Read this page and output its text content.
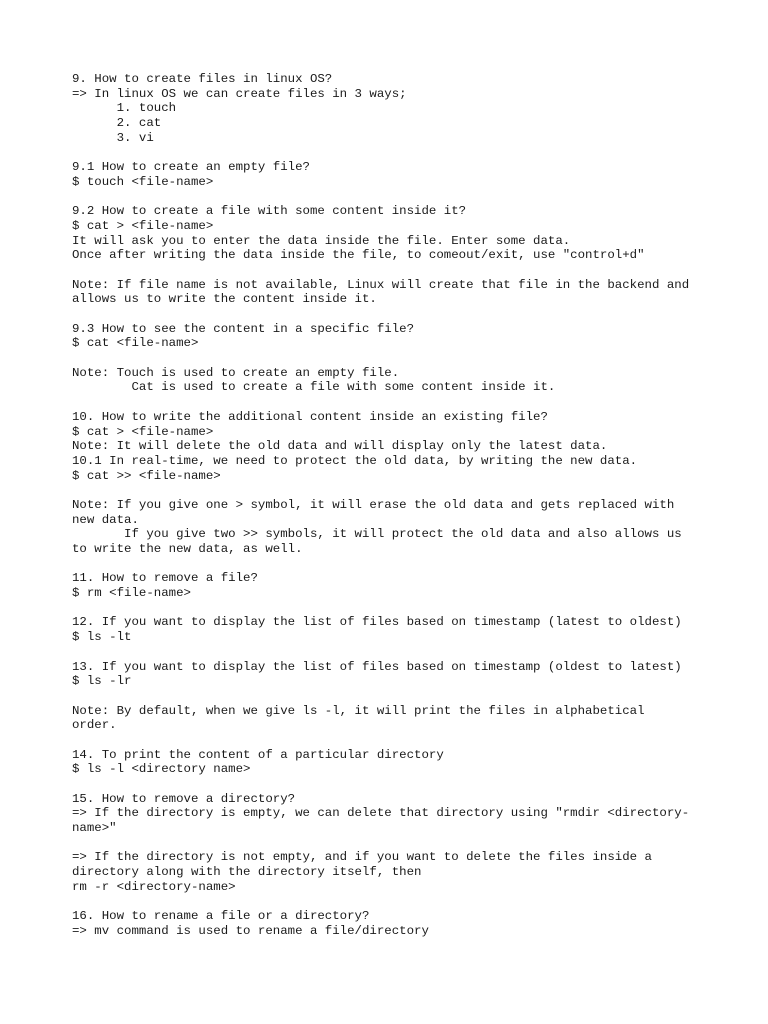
9. How to create files in linux OS?
=> In linux OS we can create files in 3 ways;
1. touch
2. cat
3. vi
9.1 How to create an empty file?
$ touch <file-name>
9.2 How to create a file with some content inside it?
$ cat > <file-name>
It will ask you to enter the data inside the file. Enter some data.
Once after writing the data inside the file, to comeout/exit, use "control+d"
Note: If file name is not available, Linux will create that file in the backend and
allows us to write the content inside it.
9.3 How to see the content in a specific file?
$ cat <file-name>
Note: Touch is used to create an empty file.
Cat is used to create a file with some content inside it.
10. How to write the additional content inside an existing file?
$ cat > <file-name>
Note: It will delete the old data and will display only the latest data.
10.1 In real-time, we need to protect the old data, by writing the new data.
$ cat >> <file-name>
Note: If you give one > symbol, it will erase the old data and gets replaced with
new data.
If you give two >> symbols, it will protect the old data and also allows us
to write the new data, as well.
11. How to remove a file?
$ rm <file-name>
12. If you want to display the list of files based on timestamp (latest to oldest)
$ ls -lt
13. If you want to display the list of files based on timestamp (oldest to latest)
$ ls -lr
Note: By default, when we give ls -l, it will print the files in alphabetical
order.
14. To print the content of a particular directory
$ ls -l <directory name>
15. How to remove a directory?
=> If the directory is empty, we can delete that directory using "rmdir <directory-
name>"
=> If the directory is not empty, and if you want to delete the files inside a
directory along with the directory itself, then
rm -r <directory-name>
16. How to rename a file or a directory?
=> mv command is used to rename a file/directory
